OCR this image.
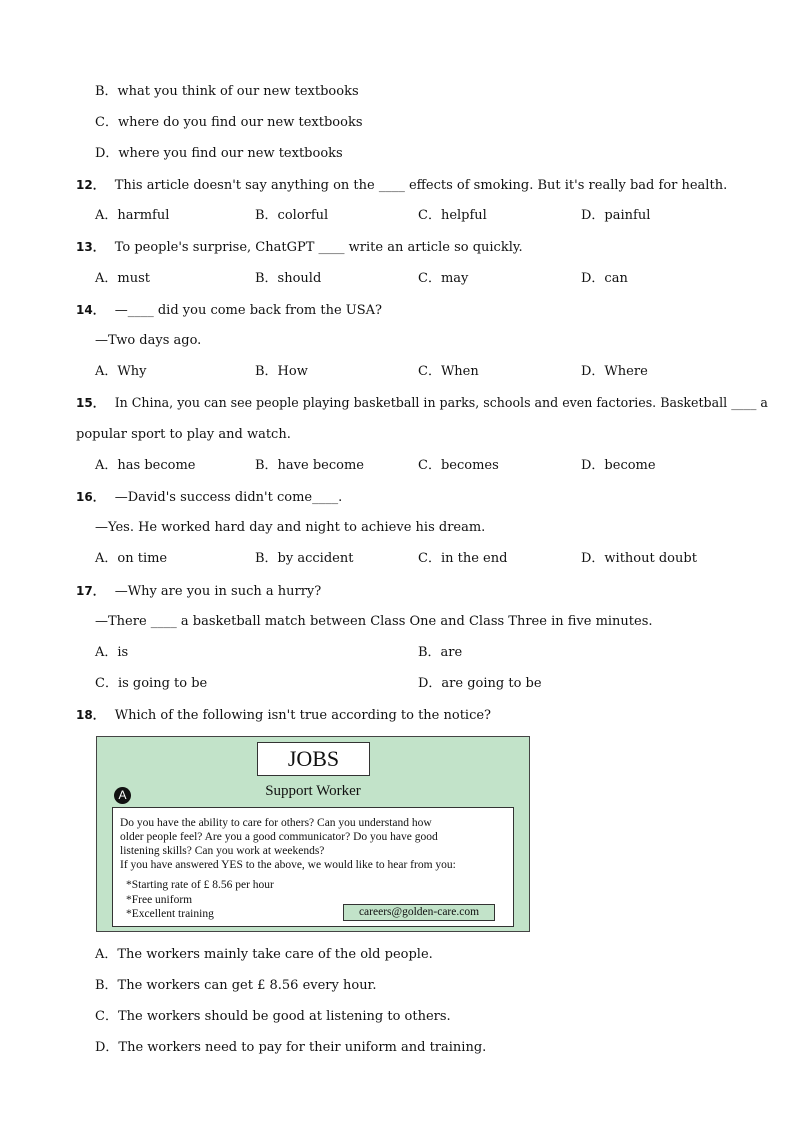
B．what you think of our new textbooks
C．where do you find our new textbooks
D．where you find our new textbooks
12． This article doesn't say anything on the ____ effects of smoking. But it's really bad for health.
A．harmful	B．colorful	C．helpful	D．painful
13． To people's surprise, ChatGPT ____ write an article so quickly.
A．must	B．should	C．may	D．can
14． —____ did you come back from the USA?
—Two days ago.
A．Why	B．How	C．When	D．Where
15． In China, you can see people playing basketball in parks, schools and even factories. Basketball ____ a
popular sport to play and watch.
A．has become	B．have become	C．becomes	D．become
16． —David's success didn't come____.
—Yes. He worked hard day and night to achieve his dream.
A．on time	B．by accident	C．in the end	D．without doubt
17． —Why are you in such a hurry?
—There ____ a basketball match between Class One and Class Three in five minutes.
A．is	B．are
C．is going to be	D．are going to be
18． Which of the following isn't true according to the notice?
JOBS
Support Worker
A

Do you have the ability to care for others? Can you understand how

older people feel? Are you a good communicator? Do you have good

listening skills? Can you work at weekends?

If you have answered YES to the above, we would like to hear from you:

*Starting rate of £ 8.56 per hour
*Free uniform
*Excellent training	careers@golden-care.com
A．The workers mainly take care of the old people.
B．The workers can get £ 8.56 every hour.
C．The workers should be good at listening to others.
D．The workers need to pay for their uniform and training.
